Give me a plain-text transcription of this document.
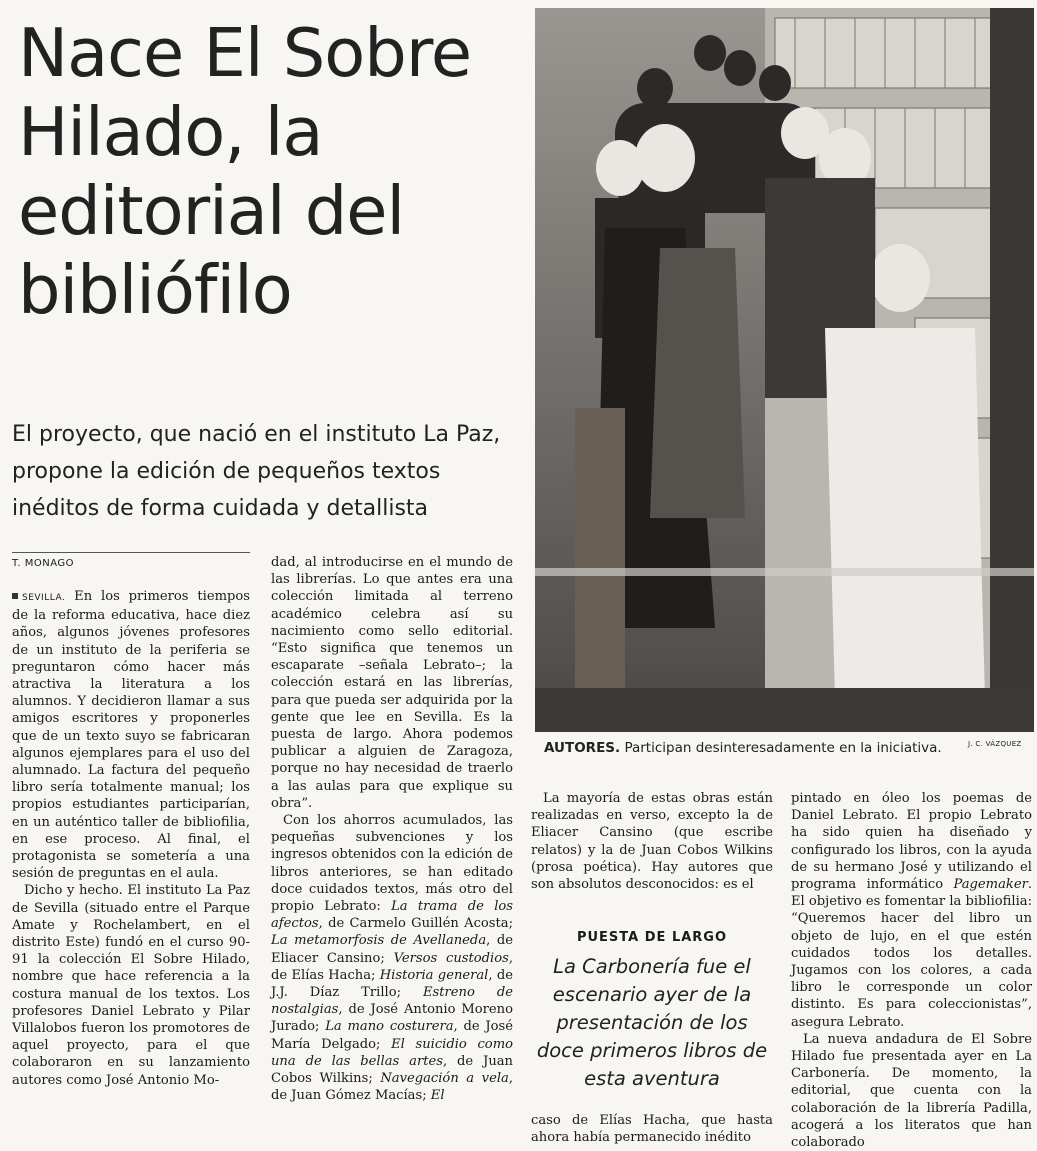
Nace El Sobre Hilado, la editorial del bibliófilo
El proyecto, que nació en el instituto La Paz, propone la edición de pequeños textos inéditos de forma cuidada y detallista
T. MONAGO

SEVILLA. En los primeros tiempos de la reforma educativa, hace diez años, algunos jóvenes profesores de un instituto de la periferia se preguntaron cómo hacer más atractiva la literatura a los alumnos. Y decidieron llamar a sus amigos escritores y proponerles que de un texto suyo se fabricaran algunos ejemplares para el uso del alumnado. La factura del pequeño libro sería totalmente manual; los propios estudiantes participarían, en un auténtico taller de bibliofilia, en ese proceso. Al final, el protagonista se sometería a una sesión de preguntas en el aula.

Dicho y hecho. El instituto La Paz de Sevilla (situado entre el Parque Amate y Rochelambert, en el distrito Este) fundó en el curso 90-91 la colección El Sobre Hilado, nombre que hace referencia a la costura manual de los textos. Los profesores Daniel Lebrato y Pilar Villalobos fueron los promotores de aquel proyecto, para el que colaboraron en su lanzamiento autores como José Antonio Mo-

dad, al introducirse en el mundo de las librerías. Lo que antes era una colección limitada al terreno académico celebra así su nacimiento como sello editorial. “Esto significa que tenemos un escaparate –señala Lebrato–; la colección estará en las librerías, para que pueda ser adquirida por la gente que lee en Sevilla. Es la puesta de largo. Ahora podemos publicar a alguien de Zaragoza, porque no hay necesidad de traerlo a las aulas para que explique su obra”.

Con los ahorros acumulados, las pequeñas subvenciones y los ingresos obtenidos con la edición de libros anteriores, se han editado doce cuidados textos, más otro del propio Lebrato: La trama de los afectos, de Carmelo Guillén Acosta; La metamorfosis de Avellaneda, de Eliacer Cansino; Versos custodios, de Elías Hacha; Historia general, de J.J. Díaz Trillo; Estreno de nostalgias, de José Antonio Moreno Jurado; La mano costurera, de José María Delgado; El suicidio como una de las bellas artes, de Juan Cobos Wilkins; Navegación a vela, de Juan Gómez Macías; El

AUTORES. Participan desinteresadamente en la iniciativa.	J. C. VÁZQUEZ

La mayoría de estas obras están realizadas en verso, excepto la de Eliacer Cansino (que escribe relatos) y la de Juan Cobos Wilkins (prosa poética). Hay autores que son absolutos desconocidos: es el

PUESTA DE LARGO

La Carbonería fue el escenario ayer de la presentación de los doce primeros libros de esta aventura

caso de Elías Hacha, que hasta ahora había permanecido inédito

pintado en óleo los poemas de Daniel Lebrato. El propio Lebrato ha sido quien ha diseñado y configurado los libros, con la ayuda de su hermano José y utilizando el programa informático Pagemaker. El objetivo es fomentar la bibliofilia: “Queremos hacer del libro un objeto de lujo, en el que estén cuidados todos los detalles. Jugamos con los colores, a cada libro le corresponde un color distinto. Es para coleccionistas”, asegura Lebrato.

La nueva andadura de El Sobre Hilado fue presentada ayer en La Carbonería. De momento, la editorial, que cuenta con la colaboración de la librería Padilla, acogerá a los literatos que han colaborado
